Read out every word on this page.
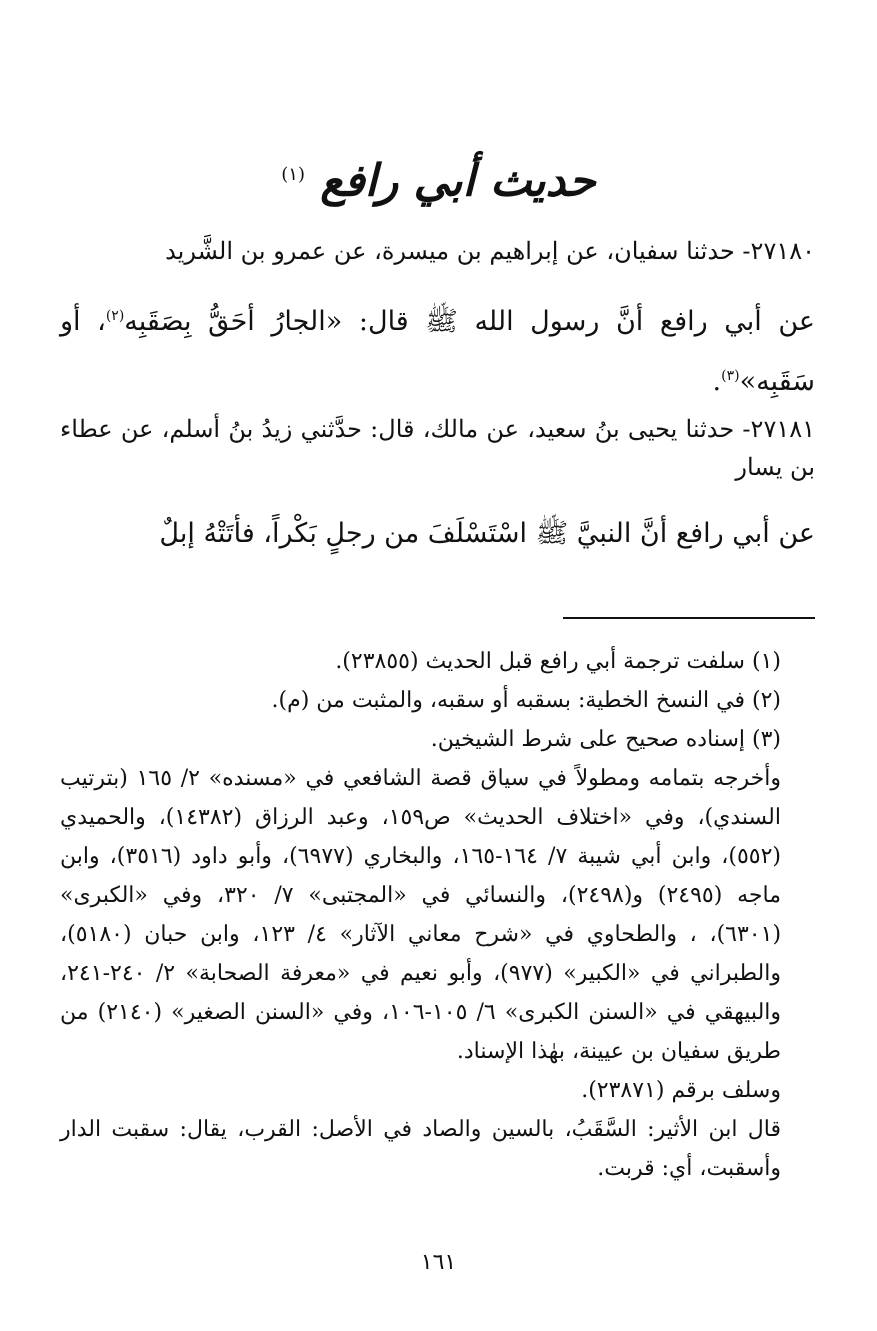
حديث أبي رافع $^{(١)}$
٢٧١٨٠- حدثنا سفيان، عن إبراهيم بن ميسرة، عن عمرو بن الشَّريد
عن أبي رافع أنَّ رسول الله ﷺ قال: «الجارُ أحَقُّ بِصَقَبِه$^{(٢)}$، أو سَقَبِه»$^{(٣)}$.
٢٧١٨١- حدثنا يحيى بنُ سعيد، عن مالك، قال: حدَّثني زيدُ بنُ أسلم، عن عطاء بن يسار
عن أبي رافع أنَّ النبيَّ ﷺ اسْتَسْلَفَ من رجلٍ بَكْراً، فأتَتْهُ إبلٌ

(١) سلفت ترجمة أبي رافع قبل الحديث (٢٣٨٥٥).

(٢) في النسخ الخطية: بسقبه أو سقبه، والمثبت من (م).

(٣) إسناده صحيح على شرط الشيخين.

وأخرجه بتمامه ومطولاً في سياق قصة الشافعي في «مسنده» ٢/ ١٦٥ (بترتيب السندي)، وفي «اختلاف الحديث» ص١٥٩، وعبد الرزاق (١٤٣٨٢)، والحميدي (٥٥٢)، وابن أبي شيبة ٧/ ١٦٤-١٦٥، والبخاري (٦٩٧٧)، وأبو داود (٣٥١٦)، وابن ماجه (٢٤٩٥) و(٢٤٩٨)، والنسائي في «المجتبى» ٧/ ٣٢٠، وفي «الكبرى» (٦٣٠١)، ، والطحاوي في «شرح معاني الآثار» ٤/ ١٢٣، وابن حبان (٥١٨٠)، والطبراني في «الكبير» (٩٧٧)، وأبو نعيم في «معرفة الصحابة» ٢/ ٢٤٠-٢٤١، والبيهقي في «السنن الكبرى» ٦/ ١٠٥-١٠٦، وفي «السنن الصغير» (٢١٤٠) من طريق سفيان بن عيينة، بهٰذا الإسناد.

وسلف برقم (٢٣٨٧١).

قال ابن الأثير: السَّقَبُ، بالسين والصاد في الأصل: القرب، يقال: سقبت الدار وأسقبت، أي: قربت.

١٦١
